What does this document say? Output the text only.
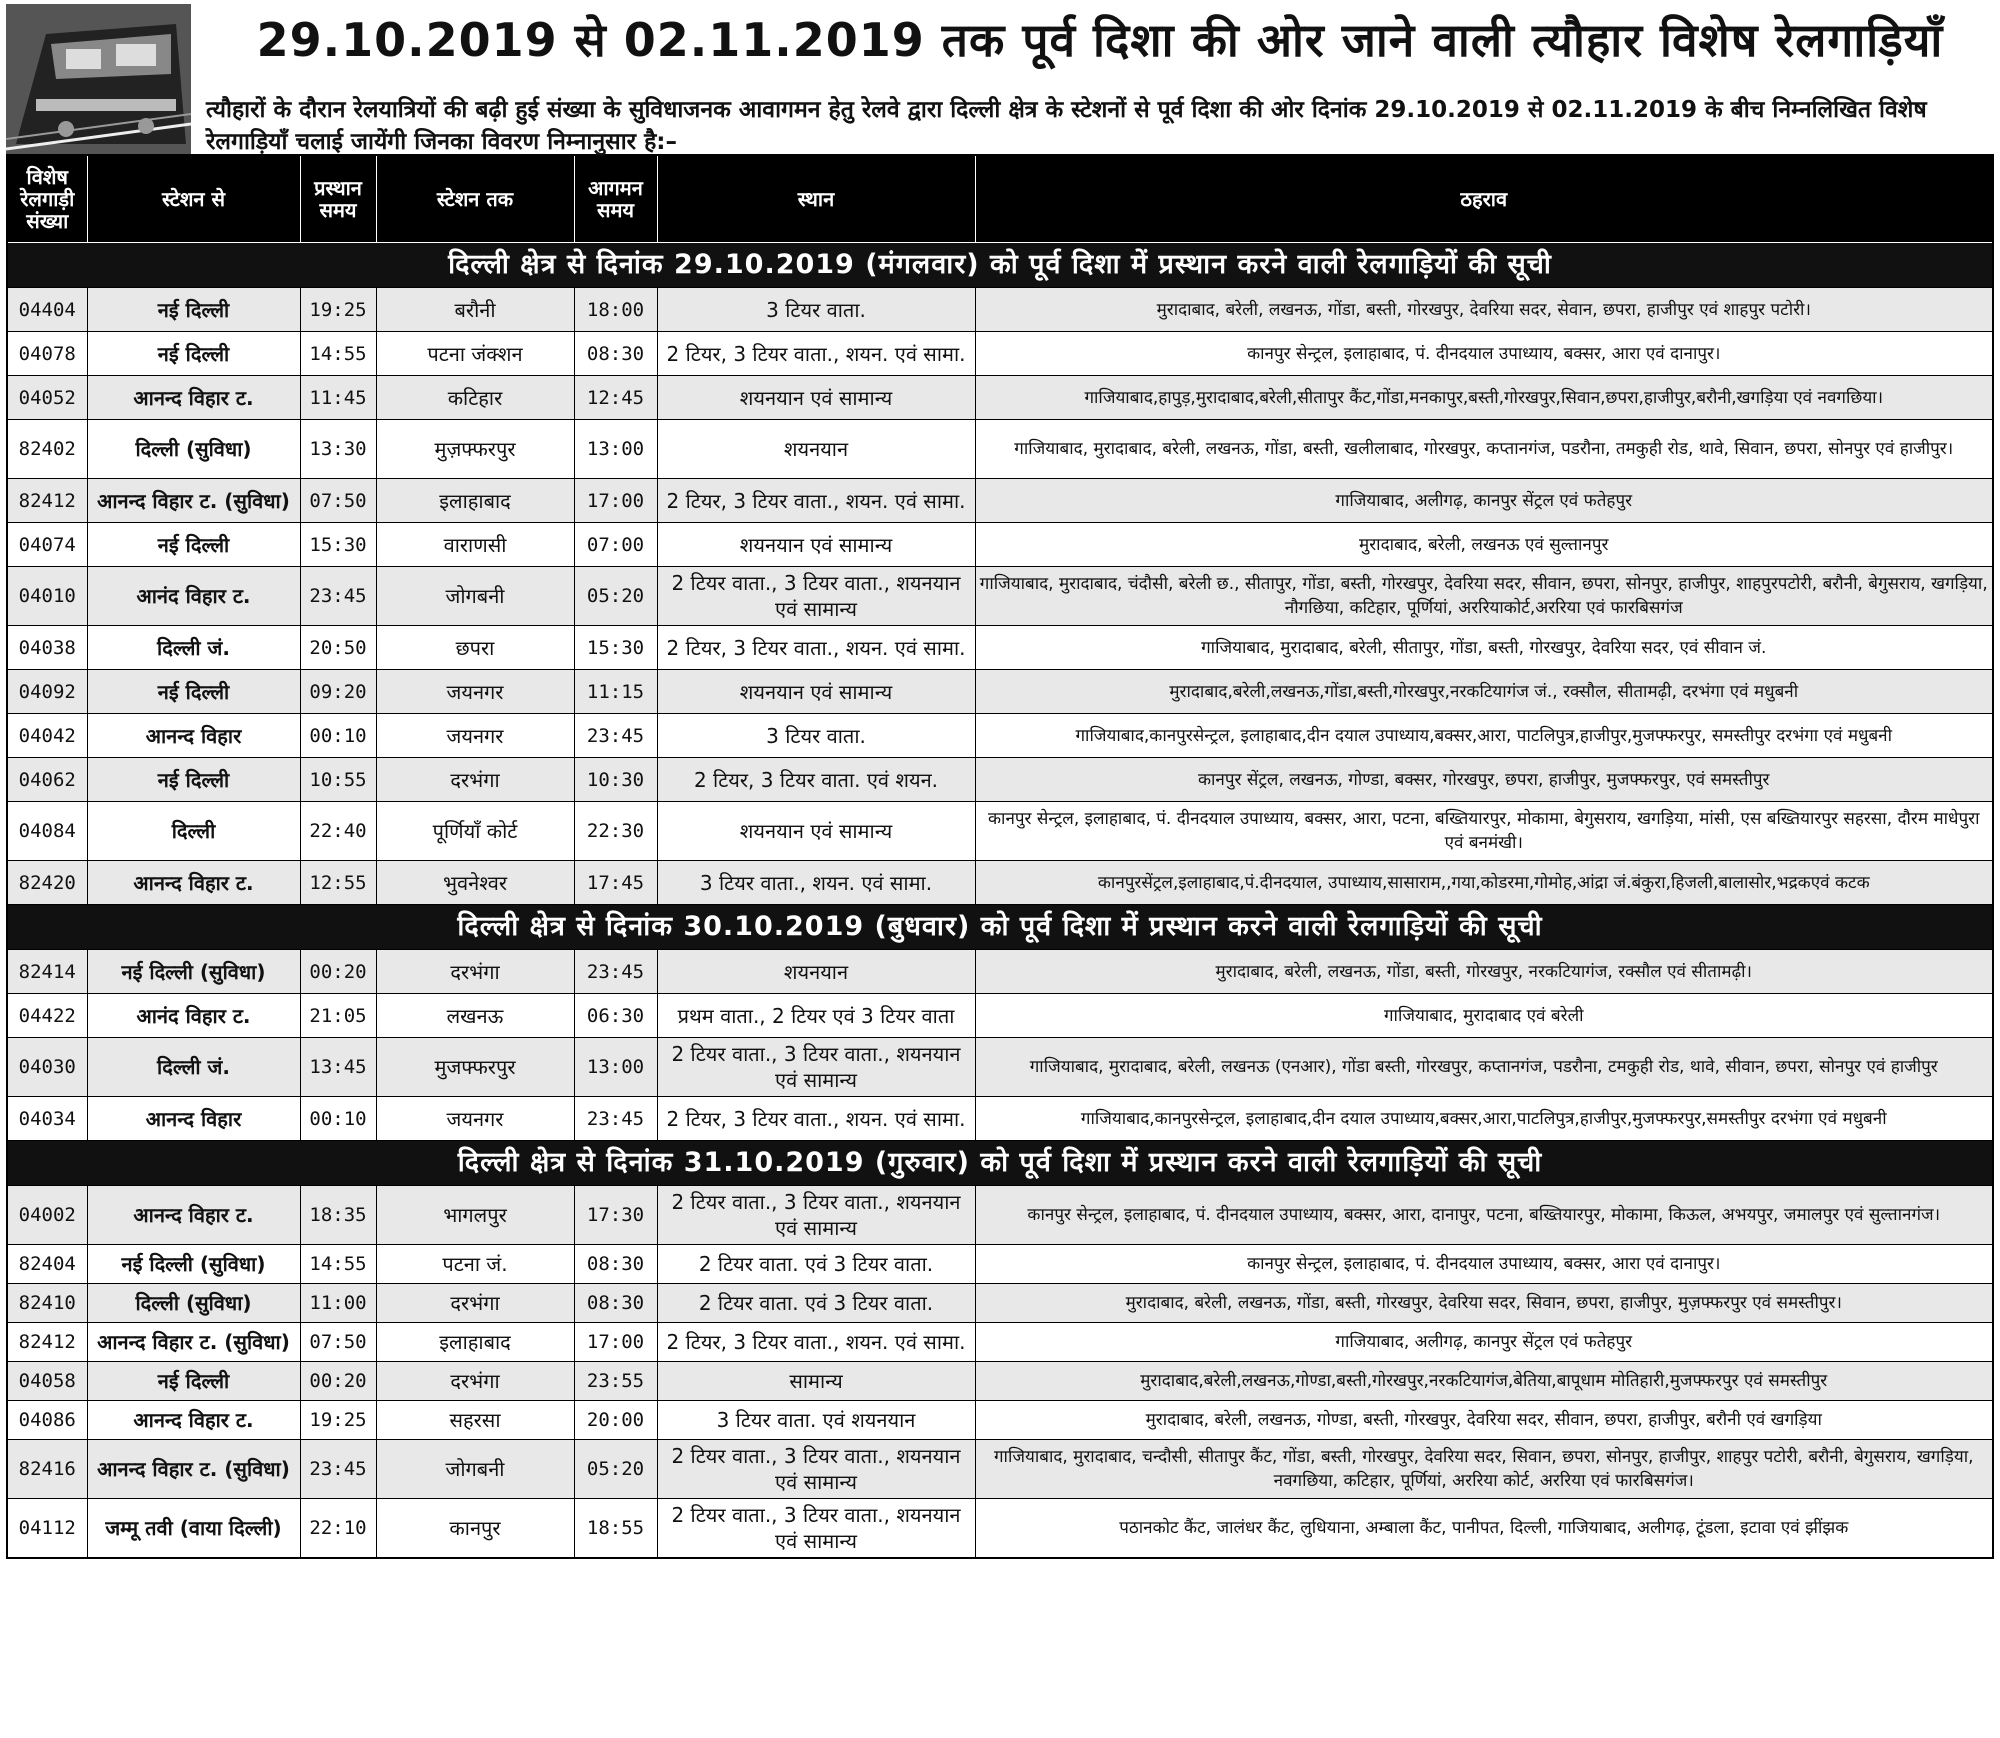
29.10.2019 से 02.11.2019 तक पूर्व दिशा की ओर जाने वाली त्यौहार विशेष रेलगाड़ियाँ
त्यौहारों के दौरान रेलयात्रियों की बढ़ी हुई संख्या के सुविधाजनक आवागमन हेतु रेलवे द्वारा दिल्ली क्षेत्र के स्टेशनों से पूर्व दिशा की ओर दिनांक 29.10.2019 से 02.11.2019 के बीच निम्नलिखित विशेष रेलगाड़ियाँ चलाई जायेंगी जिनका विवरण निम्नानुसार है:–
विशेष रेलगाड़ी संख्या	स्टेशन से	प्रस्थान समय	स्टेशन तक	आगमन समय	स्थान	ठहराव
दिल्ली क्षेत्र से दिनांक 29.10.2019 (मंगलवार) को पूर्व दिशा में प्रस्थान करने वाली रेलगाड़ियों की सूची						
04404	नई दिल्ली	19:25	बरौनी	18:00	3 टियर वाता.	मुरादाबाद, बरेली, लखनऊ, गोंडा, बस्ती, गोरखपुर, देवरिया सदर, सेवान, छपरा, हाजीपुर एवं शाहपुर पटोरी।
04078	नई दिल्ली	14:55	पटना जंक्शन	08:30	2 टियर, 3 टियर वाता., शयन. एवं सामा.	कानपुर सेन्ट्रल, इलाहाबाद, पं. दीनदयाल उपाध्याय, बक्सर, आरा एवं दानापुर।
04052	आनन्द विहार ट.	11:45	कटिहार	12:45	शयनयान एवं सामान्य	गाजियाबाद,हापुड़,मुरादाबाद,बरेली,सीतापुर कैंट,गोंडा,मनकापुर,बस्ती,गोरखपुर,सिवान,छपरा,हाजीपुर,बरौनी,खगड़िया एवं नवगछिया।
82402	दिल्ली (सुविधा)	13:30	मुज़फ्फरपुर	13:00	शयनयान	गाजियाबाद, मुरादाबाद, बरेली, लखनऊ, गोंडा, बस्ती, खलीलाबाद, गोरखपुर, कप्तानगंज, पडरौना, तमकुही रोड, थावे, सिवान, छपरा, सोनपुर एवं हाजीपुर।
82412	आनन्द विहार ट. (सुविधा)	07:50	इलाहाबाद	17:00	2 टियर, 3 टियर वाता., शयन. एवं सामा.	गाजियाबाद, अलीगढ़, कानपुर सेंट्रल एवं फतेहपुर
04074	नई दिल्ली	15:30	वाराणसी	07:00	शयनयान एवं सामान्य	मुरादाबाद, बरेली, लखनऊ एवं सुल्तानपुर
04010	आनंद विहार ट.	23:45	जोगबनी	05:20	2 टियर वाता., 3 टियर वाता., शयनयान एवं सामान्य	गाजियाबाद, मुरादाबाद, चंदौसी, बरेली छ., सीतापुर, गोंडा, बस्ती, गोरखपुर, देवरिया सदर, सीवान, छपरा, सोनपुर, हाजीपुर, शाहपुरपटोरी, बरौनी, बेगुसराय, खगड़िया, नौगछिया, कटिहार, पूर्णियां, अररियाकोर्ट,अररिया एवं फारबिसगंज
04038	दिल्ली जं.	20:50	छपरा	15:30	2 टियर, 3 टियर वाता., शयन. एवं सामा.	गाजियाबाद, मुरादाबाद, बरेली, सीतापुर, गोंडा, बस्ती, गोरखपुर, देवरिया सदर, एवं सीवान जं.
04092	नई दिल्ली	09:20	जयनगर	11:15	शयनयान एवं सामान्य	मुरादाबाद,बरेली,लखनऊ,गोंडा,बस्ती,गोरखपुर,नरकटियागंज जं., रक्सौल, सीतामढ़ी, दरभंगा एवं मधुबनी
04042	आनन्द विहार	00:10	जयनगर	23:45	3 टियर वाता.	गाजियाबाद,कानपुरसेन्ट्रल, इलाहाबाद,दीन दयाल उपाध्याय,बक्सर,आरा, पाटलिपुत्र,हाजीपुर,मुजफ्फरपुर, समस्तीपुर दरभंगा एवं मधुबनी
04062	नई दिल्ली	10:55	दरभंगा	10:30	2 टियर, 3 टियर वाता. एवं शयन.	कानपुर सेंट्रल, लखनऊ, गोण्डा, बक्सर, गोरखपुर, छपरा, हाजीपुर, मुजफ्फरपुर, एवं समस्तीपुर
04084	दिल्ली	22:40	पूर्णियाँ कोर्ट	22:30	शयनयान एवं सामान्य	कानपुर सेन्ट्रल, इलाहाबाद, पं. दीनदयाल उपाध्याय, बक्सर, आरा, पटना, बख्तियारपुर, मोकामा, बेगुसराय, खगड़िया, मांसी, एस बख्तियारपुर सहरसा, दौरम माधेपुरा एवं बनमंखी।
82420	आनन्द विहार ट.	12:55	भुवनेश्वर	17:45	3 टियर वाता., शयन. एवं सामा.	कानपुरसेंट्रल,इलाहाबाद,पं.दीनदयाल, उपाध्याय,सासाराम,,गया,कोडरमा,गोमोह,आंद्रा जं.बंकुरा,हिजली,बालासोर,भद्रकएवं कटक
दिल्ली क्षेत्र से दिनांक 30.10.2019 (बुधवार) को पूर्व दिशा में प्रस्थान करने वाली रेलगाड़ियों की सूची						
82414	नई दिल्ली (सुविधा)	00:20	दरभंगा	23:45	शयनयान	मुरादाबाद, बरेली, लखनऊ, गोंडा, बस्ती, गोरखपुर, नरकटियागंज, रक्सौल एवं सीतामढ़ी।
04422	आनंद विहार ट.	21:05	लखनऊ	06:30	प्रथम वाता., 2 टियर एवं 3 टियर वाता	गाजियाबाद, मुरादाबाद एवं बरेली
04030	दिल्ली जं.	13:45	मुजफ्फरपुर	13:00	2 टियर वाता., 3 टियर वाता., शयनयान एवं सामान्य	गाजियाबाद, मुरादाबाद, बरेली, लखनऊ (एनआर), गोंडा बस्ती, गोरखपुर, कप्तानगंज, पडरौना, टमकुही रोड, थावे, सीवान, छपरा, सोनपुर एवं हाजीपुर
04034	आनन्द विहार	00:10	जयनगर	23:45	2 टियर, 3 टियर वाता., शयन. एवं सामा.	गाजियाबाद,कानपुरसेन्ट्रल, इलाहाबाद,दीन दयाल उपाध्याय,बक्सर,आरा,पाटलिपुत्र,हाजीपुर,मुजफ्फरपुर,समस्तीपुर दरभंगा एवं मधुबनी
दिल्ली क्षेत्र से दिनांक 31.10.2019 (गुरुवार) को पूर्व दिशा में प्रस्थान करने वाली रेलगाड़ियों की सूची						
04002	आनन्द विहार ट.	18:35	भागलपुर	17:30	2 टियर वाता., 3 टियर वाता., शयनयान एवं सामान्य	कानपुर सेन्ट्रल, इलाहाबाद, पं. दीनदयाल उपाध्याय, बक्सर, आरा, दानापुर, पटना, बख्तियारपुर, मोकामा, किऊल, अभयपुर, जमालपुर एवं सुल्तानगंज।
82404	नई दिल्ली (सुविधा)	14:55	पटना जं.	08:30	2 टियर वाता. एवं 3 टियर वाता.	कानपुर सेन्ट्रल, इलाहाबाद, पं. दीनदयाल उपाध्याय, बक्सर, आरा एवं दानापुर।
82410	दिल्ली (सुविधा)	11:00	दरभंगा	08:30	2 टियर वाता. एवं 3 टियर वाता.	मुरादाबाद, बरेली, लखनऊ, गोंडा, बस्ती, गोरखपुर, देवरिया सदर, सिवान, छपरा, हाजीपुर, मुज़फ्फरपुर एवं समस्तीपुर।
82412	आनन्द विहार ट. (सुविधा)	07:50	इलाहाबाद	17:00	2 टियर, 3 टियर वाता., शयन. एवं सामा.	गाजियाबाद, अलीगढ़, कानपुर सेंट्रल एवं फतेहपुर
04058	नई दिल्ली	00:20	दरभंगा	23:55	सामान्य	मुरादाबाद,बरेली,लखनऊ,गोण्डा,बस्ती,गोरखपुर,नरकटियागंज,बेतिया,बापूधाम मोतिहारी,मुजफ्फरपुर एवं समस्तीपुर
04086	आनन्द विहार ट.	19:25	सहरसा	20:00	3 टियर वाता. एवं शयनयान	मुरादाबाद, बरेली, लखनऊ, गोण्डा, बस्ती, गोरखपुर, देवरिया सदर, सीवान, छपरा, हाजीपुर, बरौनी एवं खगड़िया
82416	आनन्द विहार ट. (सुविधा)	23:45	जोगबनी	05:20	2 टियर वाता., 3 टियर वाता., शयनयान एवं सामान्य	गाजियाबाद, मुरादाबाद, चन्दौसी, सीतापुर कैंट, गोंडा, बस्ती, गोरखपुर, देवरिया सदर, सिवान, छपरा, सोनपुर, हाजीपुर, शाहपुर पटोरी, बरौनी, बेगुसराय, खगड़िया, नवगछिया, कटिहार, पूर्णियां, अररिया कोर्ट, अररिया एवं फारबिसगंज।
04112	जम्मू तवी (वाया दिल्ली)	22:10	कानपुर	18:55	2 टियर वाता., 3 टियर वाता., शयनयान एवं सामान्य	पठानकोट कैंट, जालंधर कैंट, लुधियाना, अम्बाला कैंट, पानीपत, दिल्ली, गाजियाबाद, अलीगढ़, टूंडला, इटावा एवं झींझक
